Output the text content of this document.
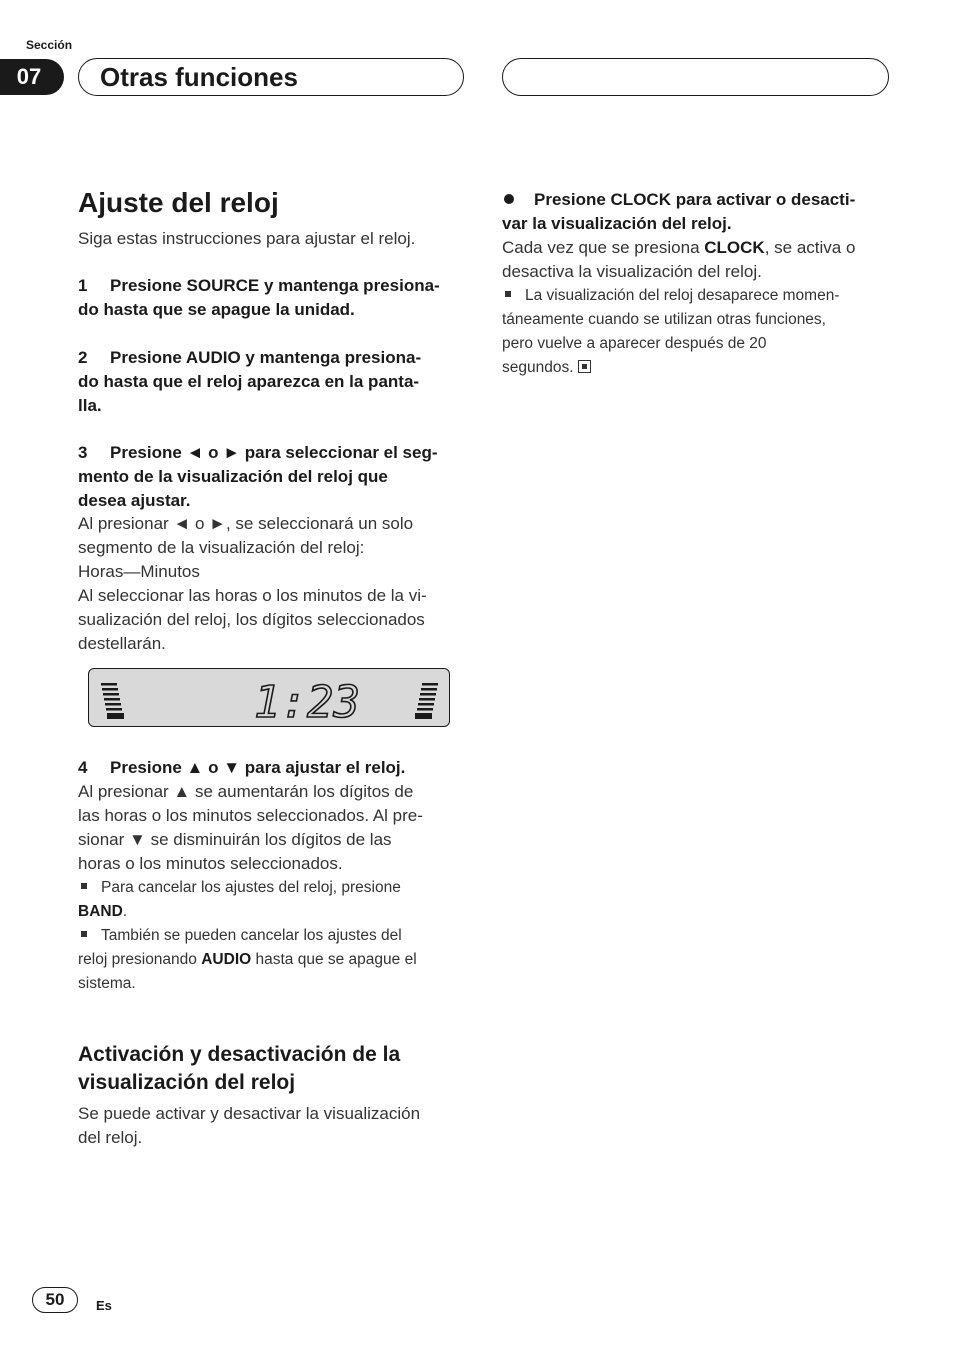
Sección
07	Otras funciones
Ajuste del reloj
Siga estas instrucciones para ajustar el reloj.
1 Presione SOURCE y mantenga presiona-
do hasta que se apague la unidad.
2 Presione AUDIO y mantenga presiona-
do hasta que el reloj aparezca en la panta-
lla.
3 Presione ◄ o ► para seleccionar el seg-
mento de la visualización del reloj que
desea ajustar.
Al presionar ◄ o ►, se seleccionará un solo
segmento de la visualización del reloj:
Horas—Minutos
Al seleccionar las horas o los minutos de la vi-
sualización del reloj, los dígitos seleccionados
destellarán.
1:23
4 Presione ▲ o ▼ para ajustar el reloj.
Al presionar ▲ se aumentarán los dígitos de
las horas o los minutos seleccionados. Al pre-
sionar ▼ se disminuirán los dígitos de las
horas o los minutos seleccionados.
Para cancelar los ajustes del reloj, presione
BAND.
También se pueden cancelar los ajustes del
reloj presionando AUDIO hasta que se apague el
sistema.
Activación y desactivación de la
visualización del reloj
Se puede activar y desactivar la visualización
del reloj.
Presione CLOCK para activar o desacti-
var la visualización del reloj.
Cada vez que se presiona CLOCK, se activa o
desactiva la visualización del reloj.
La visualización del reloj desaparece momen-
táneamente cuando se utilizan otras funciones,
pero vuelve a aparecer después de 20
segundos.
50	Es
